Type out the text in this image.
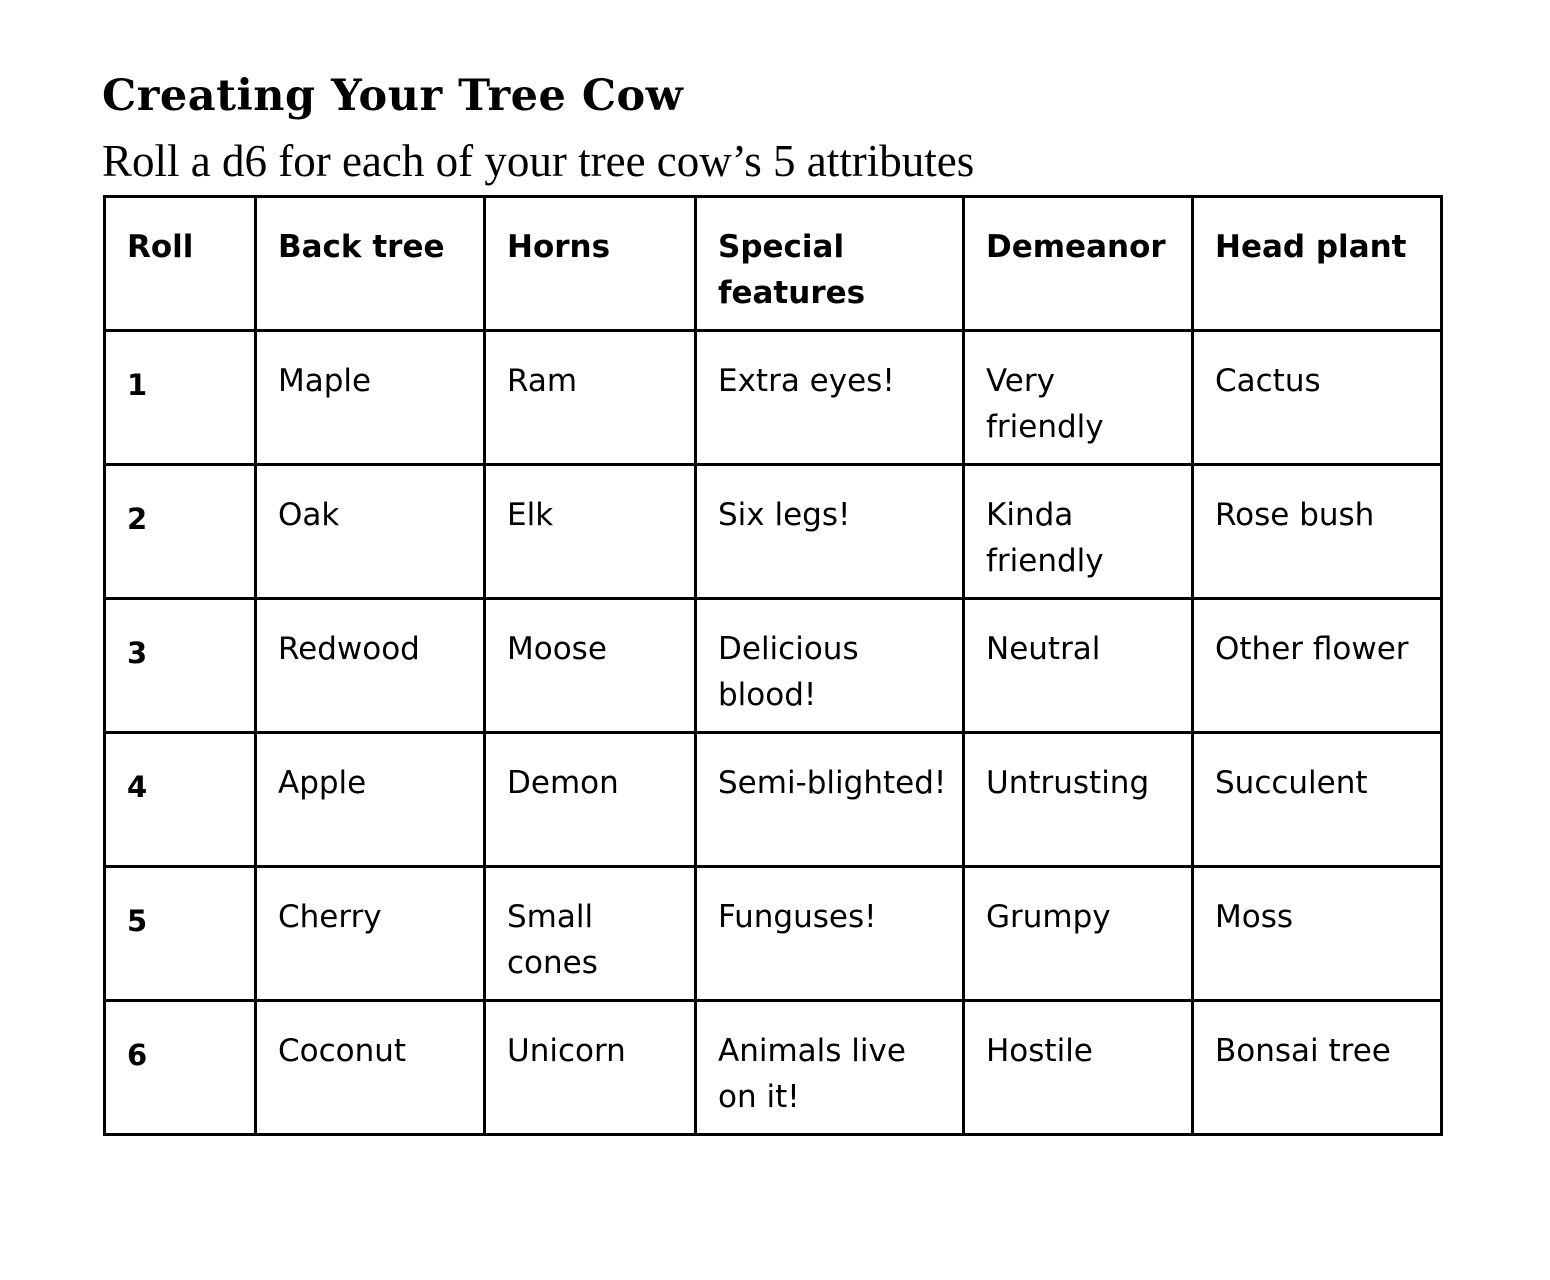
Creating Your Tree Cow
Roll a d6 for each of your tree cow’s 5 attributes
Roll	Back tree	Horns	Special features	Demeanor	Head plant
1	Maple	Ram	Extra eyes!	Very friendly	Cactus
2	Oak	Elk	Six legs!	Kinda friendly	Rose bush
3	Redwood	Moose	Delicious blood!	Neutral	Other flower
4	Apple	Demon	Semi-blighted!	Untrusting	Succulent
5	Cherry	Small cones	Funguses!	Grumpy	Moss
6	Coconut	Unicorn	Animals live on it!	Hostile	Bonsai tree
